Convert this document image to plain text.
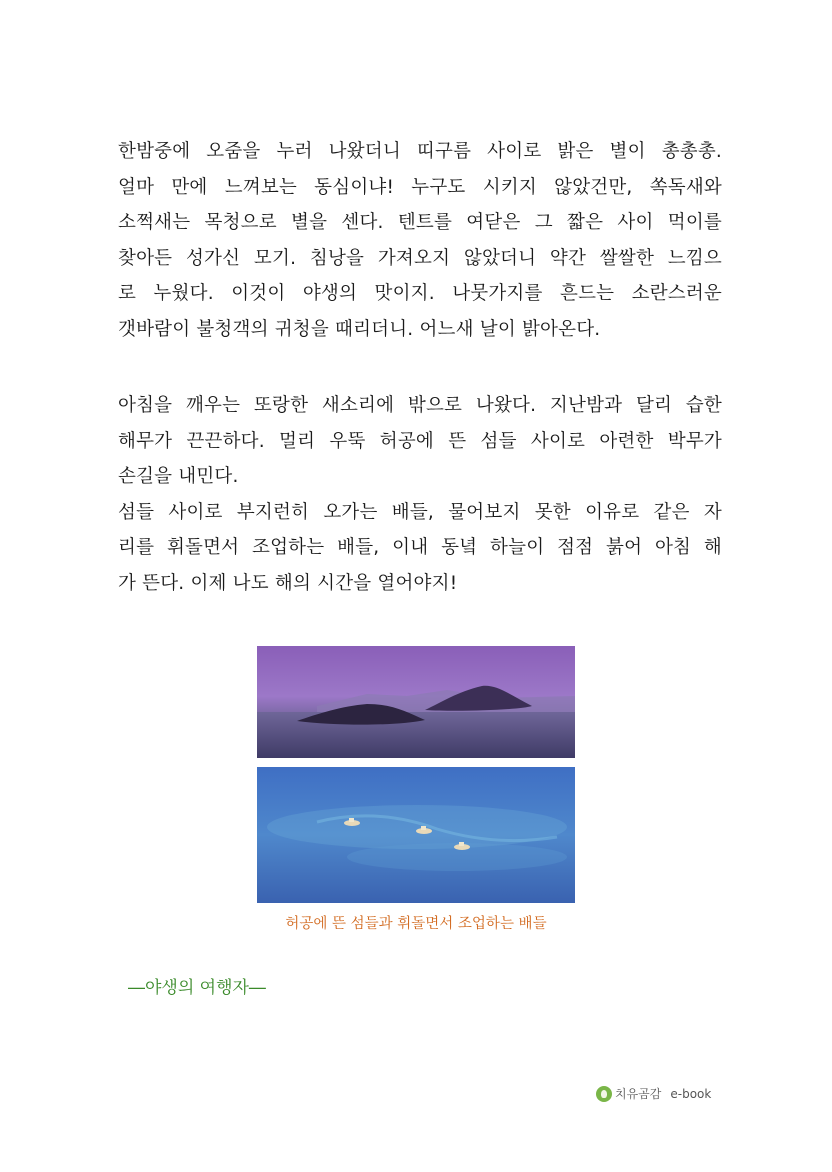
한밤중에 오줌을 누러 나왔더니 띠구름 사이로 밝은 별이 총총총.
얼마 만에 느껴보는 동심이냐! 누구도 시키지 않았건만, 쏙독새와
소쩍새는 목청으로 별을 센다. 텐트를 여닫은 그 짧은 사이 먹이를
찾아든 성가신 모기. 침낭을 가져오지 않았더니 약간 쌀쌀한 느낌으
로 누웠다. 이것이 야생의 맛이지. 나뭇가지를 흔드는 소란스러운
갯바람이 불청객의 귀청을 때리더니. 어느새 날이 밝아온다.
아침을 깨우는 또랑한 새소리에 밖으로 나왔다. 지난밤과 달리 습한
해무가 끈끈하다. 멀리 우뚝 허공에 뜬 섬들 사이로 아련한 박무가
손길을 내민다.
섬들 사이로 부지런히 오가는 배들, 물어보지 못한 이유로 같은 자
리를 휘돌면서 조업하는 배들, 이내 동녘 하늘이 점점 붉어 아침 해
가 뜬다. 이제 나도 해의 시간을 열어야지!
허공에 뜬 섬들과 휘돌면서 조업하는 배들
―야생의 여행자―
치유곰감 e-book
